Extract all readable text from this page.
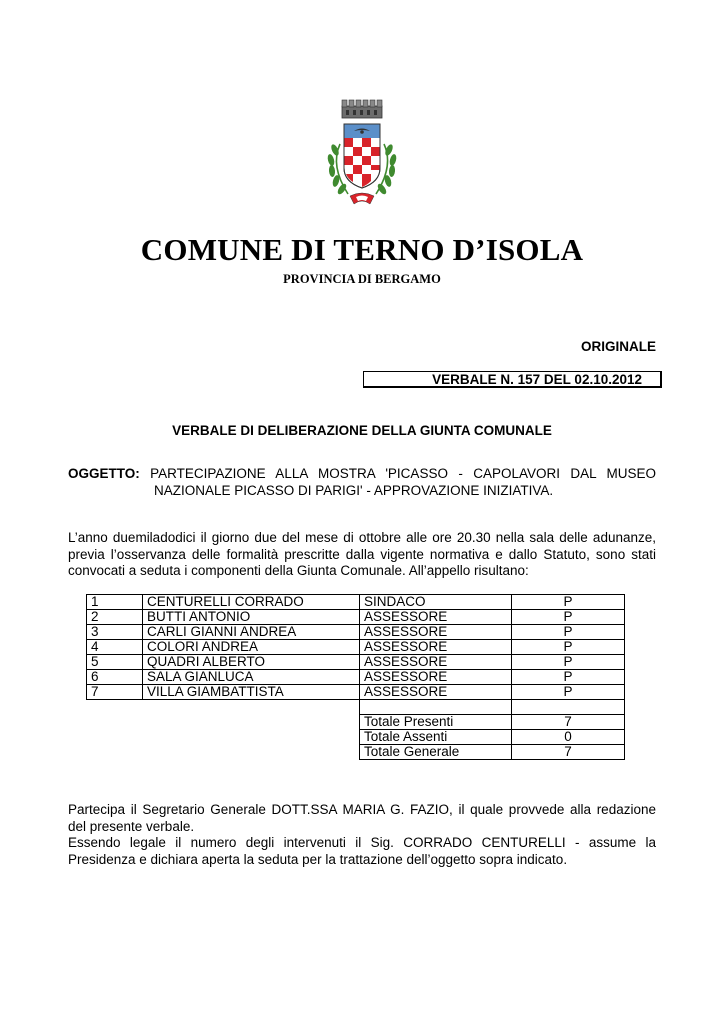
COMUNE DI TERNO D’ISOLA
PROVINCIA DI BERGAMO
ORIGINALE
VERBALE N. 157 DEL 02.10.2012
VERBALE DI DELIBERAZIONE DELLA GIUNTA COMUNALE
OGGETTO: PARTECIPAZIONE ALLA MOSTRA 'PICASSO - CAPOLAVORI DAL MUSEO
NAZIONALE PICASSO DI PARIGI' - APPROVAZIONE INIZIATIVA.
L’anno duemiladodici il giorno due del mese di ottobre alle ore 20.30 nella sala delle adunanze,
previa l’osservanza delle formalità prescritte dalla vigente normativa e dallo Statuto, sono stati
convocati a seduta i componenti della Giunta Comunale. All’appello risultano:
1	CENTURELLI CORRADO	SINDACO	P
2	BUTTI ANTONIO	ASSESSORE	P
3	CARLI GIANNI ANDREA	ASSESSORE	P
4	COLORI ANDREA	ASSESSORE	P
5	QUADRI ALBERTO	ASSESSORE	P
6	SALA GIANLUCA	ASSESSORE	P
7	VILLA GIAMBATTISTA	ASSESSORE	P

		Totale Presenti	7
		Totale Assenti	0
		Totale Generale	7
Partecipa il Segretario Generale DOTT.SSA MARIA G. FAZIO, il quale provvede alla redazione
del presente verbale.
Essendo legale il numero degli intervenuti il Sig. CORRADO CENTURELLI - assume la
Presidenza e dichiara aperta la seduta per la trattazione dell’oggetto sopra indicato.
